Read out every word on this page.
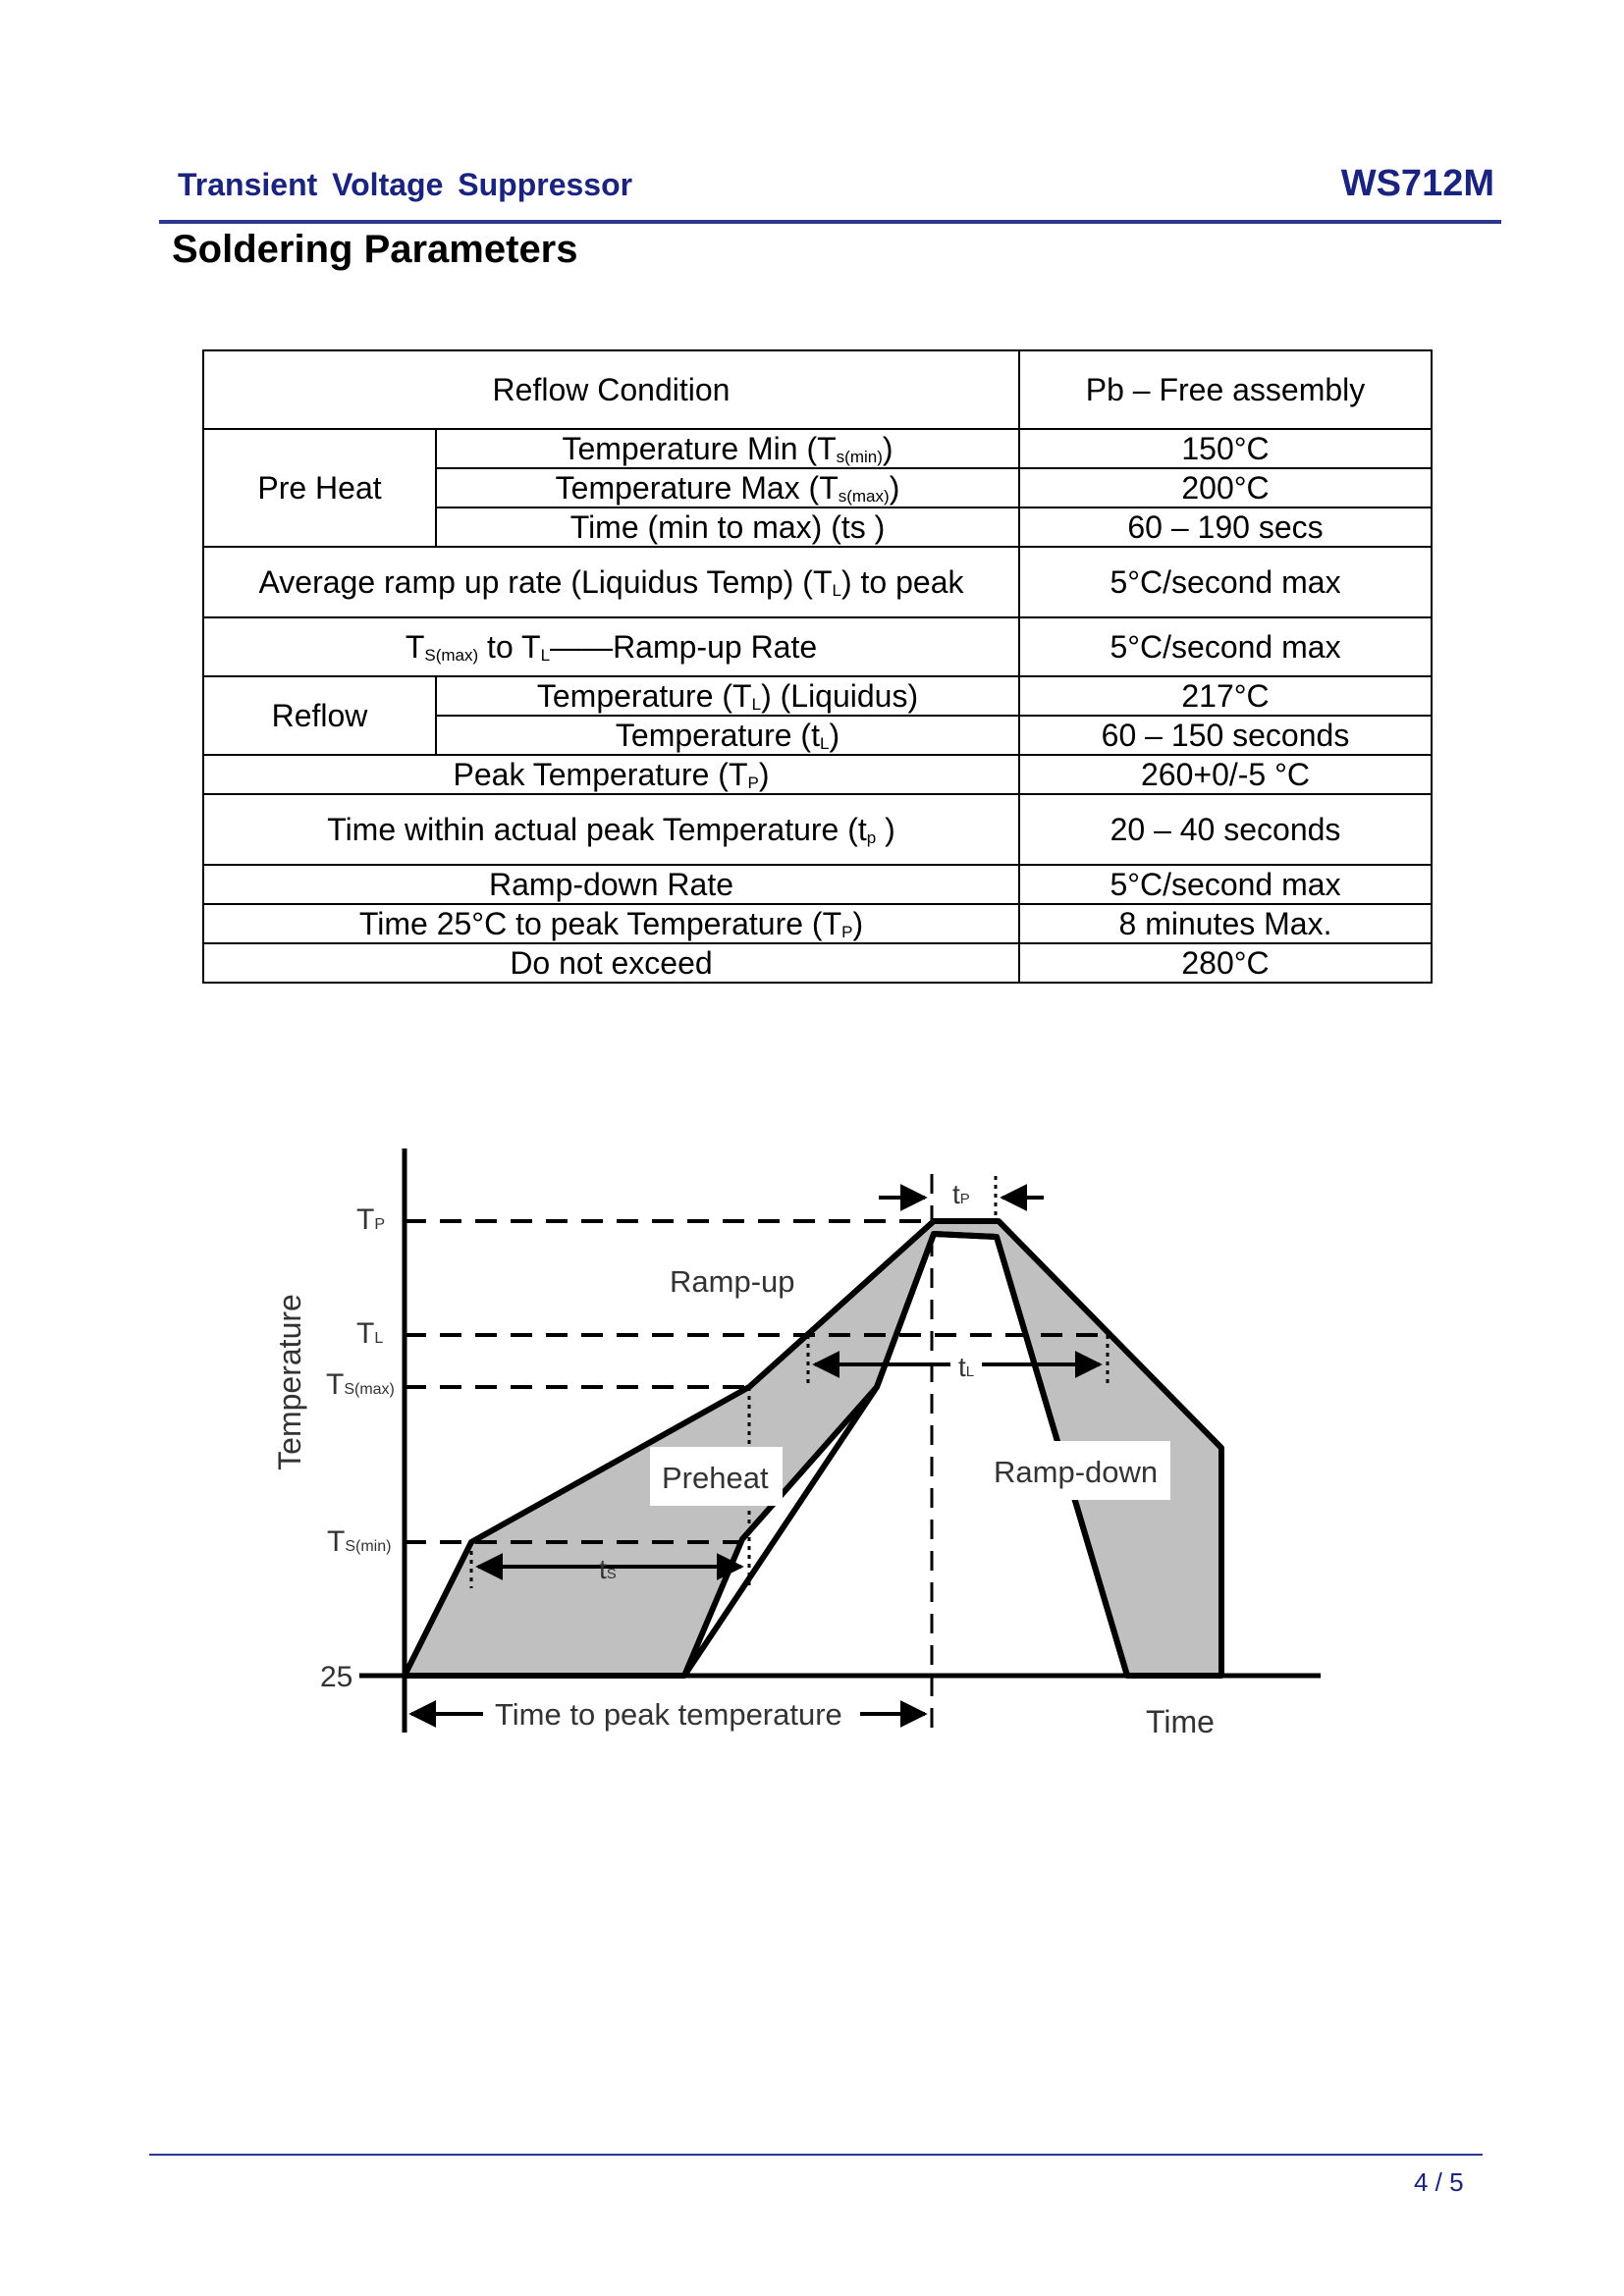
Transient Voltage Suppressor	WS712M
Soldering Parameters
Reflow Condition		Pb – Free assembly
Pre Heat	Temperature Min $(T_{s(min)})$	150°C
	Temperature Max $(T_{s(max)})$	200°C
	Time (min to max) (ts )	60 – 190 secs
Average ramp up rate (Liquidus Temp) $(T_L)$ to peak		5°C/second max
$T_{S(max)}$ to $T_L——Ramp-up$ Rate		5°C/second max
Reflow	Temperature $(T_L)$ (Liquidus)	217°C
	Temperature $(t_L)$	60 – 150 seconds
Peak Temperature $(T_P)$		260+0/-5 °C
Time within actual peak Temperature ($t_p$ )		20 – 40 seconds
Ramp-down Rate		5°C/second max
Time 25°C to peak Temperature $(T_P)$		8 minutes Max.
Do not exceed		280°C
TP
TL
TS(max)
TS(min)
25
Temperature
Time
Ramp-up
Preheat	Ramp-down
tP
tL
tS
Time to peak temperature
4 / 5
